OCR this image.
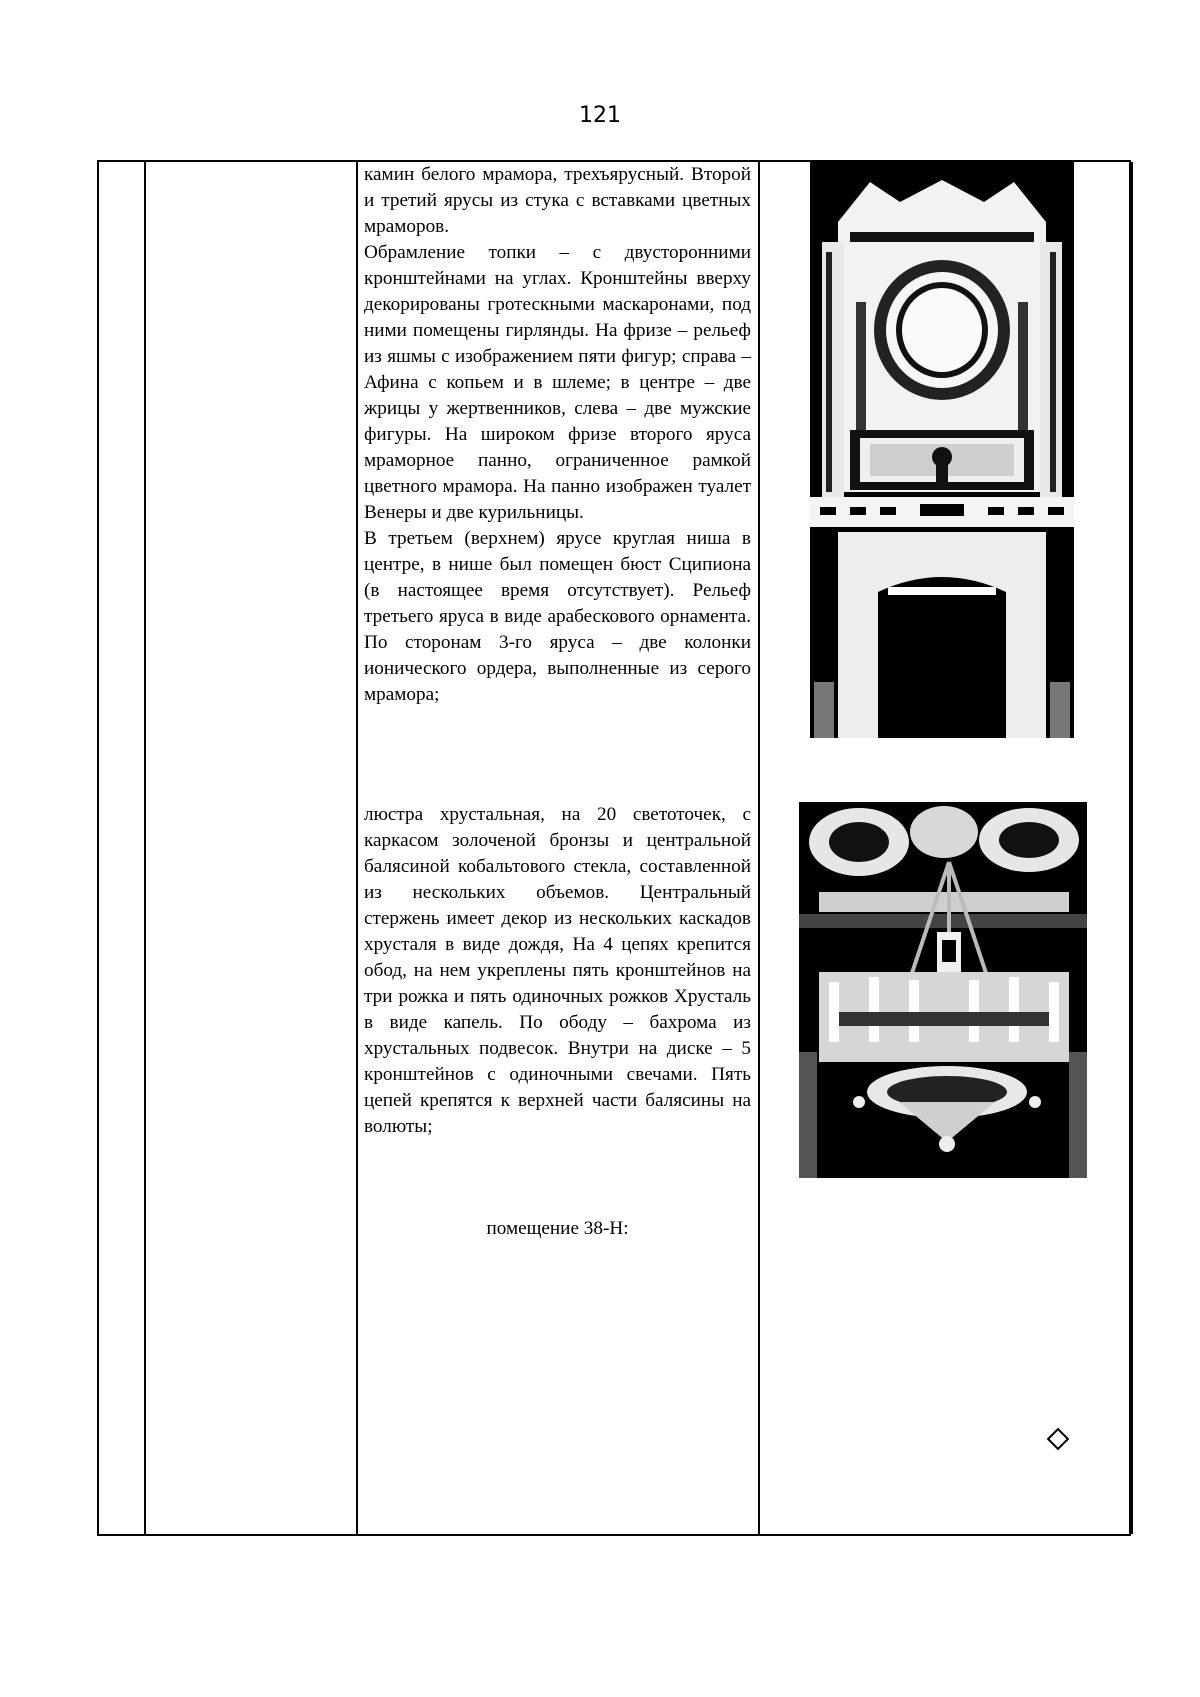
121

камин белого мрамора, трехъярусный. Второй и третий ярусы из стука с вставками цветных мраморов.

Обрамление топки – с двусторонними кронштейнами на углах. Кронштейны вверху декорированы гротескными маскаронами, под ними помещены гирлянды. На фризе – рельеф из яшмы с изображением пяти фигур; справа – Афина с копьем и в шлеме; в центре – две жрицы у жертвенников, слева – две мужские фигуры. На широком фризе второго яруса мраморное панно, ограниченное рамкой цветного мрамора. На панно изображен туалет Венеры и две курильницы.

В третьем (верхнем) ярусе круглая ниша в центре, в нише был помещен бюст Сципиона (в настоящее время отсутствует). Рельеф третьего яруса в виде арабескового орнамента. По сторонам 3-го яруса – две колонки ионического ордера, выполненные из серого мрамора;

люстра хрустальная, на 20 светоточек, с каркасом золоченой бронзы и центральной балясиной кобальтового стекла, составленной из нескольких объемов. Центральный стержень имеет декор из нескольких каскадов хрусталя в виде дождя, На 4 цепях крепится обод, на нем укреплены пять кронштейнов на три рожка и пять одиночных рожков Хрусталь в виде капель. По ободу – бахрома из хрустальных подвесок. Внутри на диске – 5 кронштейнов с одиночными свечами. Пять цепей крепятся к верхней части балясины на волюты;

помещение 38-Н:
